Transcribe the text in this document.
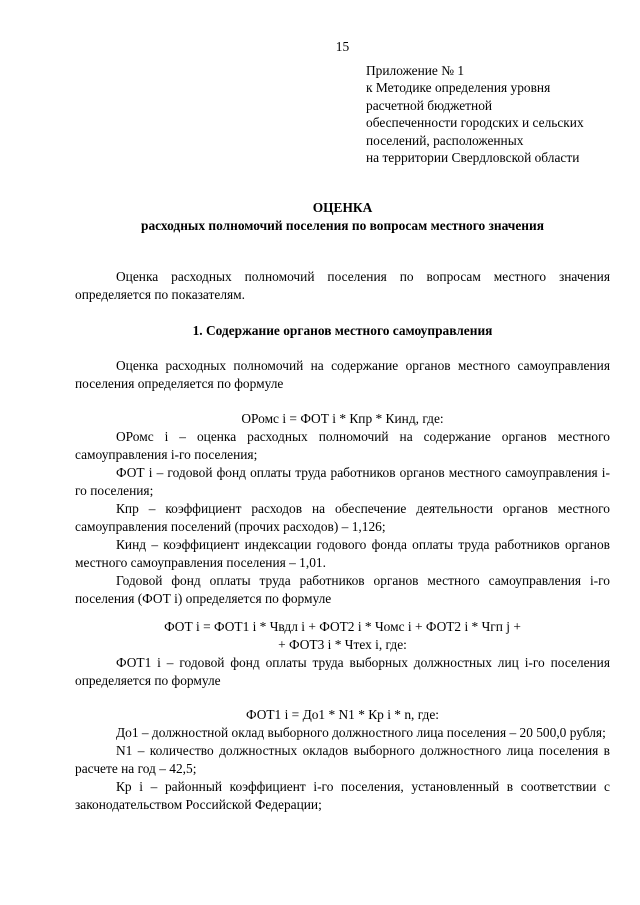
15
Приложение № 1
к Методике определения уровня
расчетной бюджетной
обеспеченности городских и сельских
поселений, расположенных
на территории Свердловской области
ОЦЕНКА
расходных полномочий поселения по вопросам местного значения

Оценка расходных полномочий поселения по вопросам местного значения определяется по показателям.

1. Содержание органов местного самоуправления

Оценка расходных полномочий на содержание органов местного самоуправления поселения определяется по формуле

ОРомс i = ФОТ i * Кпр * Кинд, где:

ОРомс i – оценка расходных полномочий на содержание органов местного самоуправления i-го поселения;

ФОТ i – годовой фонд оплаты труда работников органов местного самоуправления i-го поселения;

Кпр – коэффициент расходов на обеспечение деятельности органов местного самоуправления поселений (прочих расходов) – 1,126;

Кинд – коэффициент индексации годового фонда оплаты труда работников органов местного самоуправления поселения – 1,01.

Годовой фонд оплаты труда работников органов местного самоуправления i-го поселения (ФОТ i) определяется по формуле

ФОТ i = ФОТ1 i * Чвдл i + ФОТ2 i * Чомс i + ФОТ2 i * Чгп j +
+ ФОТ3 i * Чтех i, где:

ФОТ1 i – годовой фонд оплаты труда выборных должностных лиц i-го поселения определяется по формуле

ФОТ1 i = До1 * N1 * Кр i * n, где:

До1 – должностной оклад выборного должностного лица поселения – 20 500,0 рубля;

N1 – количество должностных окладов выборного должностного лица поселения в расчете на год – 42,5;

Кр i – районный коэффициент i-го поселения, установленный в соответствии с законодательством Российской Федерации;
